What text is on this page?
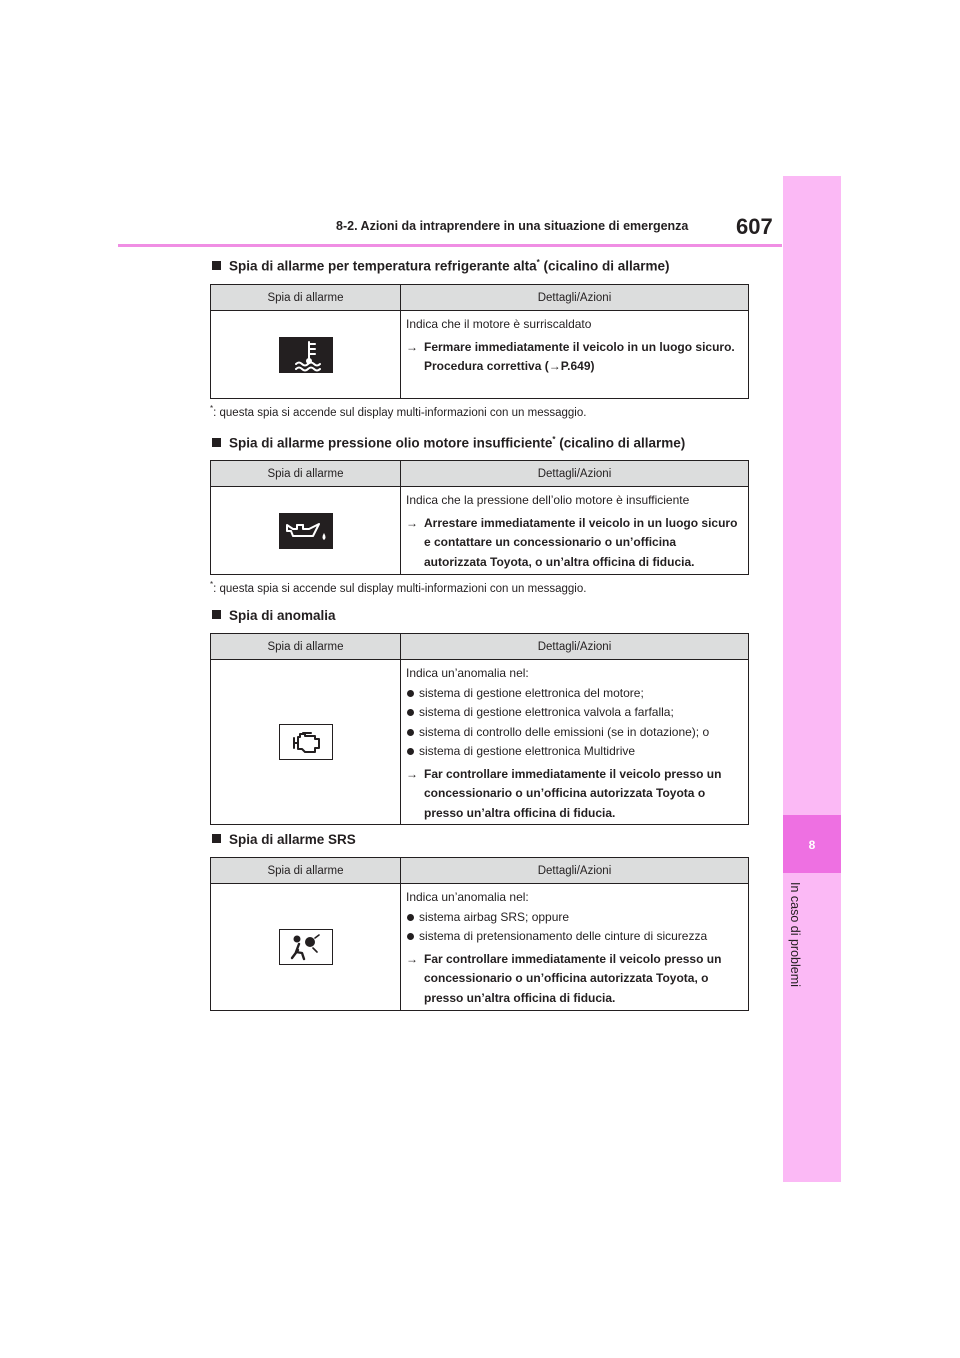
8-2. Azioni da intraprendere in una situazione di emergenza 607
8
In caso di problemi
Spia di allarme per temperatura refrigerante alta* (cicalino di allarme)
Spia di allarme	Dettagli/Azioni
Indica che il motore è surriscaldato
→ Fermare immediatamente il veicolo in un luogo sicuro.
Procedura correttiva (→P.649)
*: questa spia si accende sul display multi-informazioni con un messaggio.
Spia di allarme pressione olio motore insufficiente* (cicalino di allarme)
Spia di allarme	Dettagli/Azioni
Indica che la pressione dell’olio motore è insufficiente
→ Arrestare immediatamente il veicolo in un luogo sicuro e contattare un concessionario o un’officina autorizzata Toyota, o un’altra officina di fiducia.
*: questa spia si accende sul display multi-informazioni con un messaggio.
Spia di anomalia
Spia di allarme	Dettagli/Azioni
Indica un’anomalia nel:
sistema di gestione elettronica del motore;
sistema di gestione elettronica valvola a farfalla;
sistema di controllo delle emissioni (se in dotazione); o
sistema di gestione elettronica Multidrive
→ Far controllare immediatamente il veicolo presso un concessionario o un’officina autorizzata Toyota o presso un’altra officina di fiducia.
Spia di allarme SRS
Spia di allarme	Dettagli/Azioni
Indica un’anomalia nel:
sistema airbag SRS; oppure
sistema di pretensionamento delle cinture di sicurezza
→ Far controllare immediatamente il veicolo presso un concessionario o un’officina autorizzata Toyota, o presso un’altra officina di fiducia.
